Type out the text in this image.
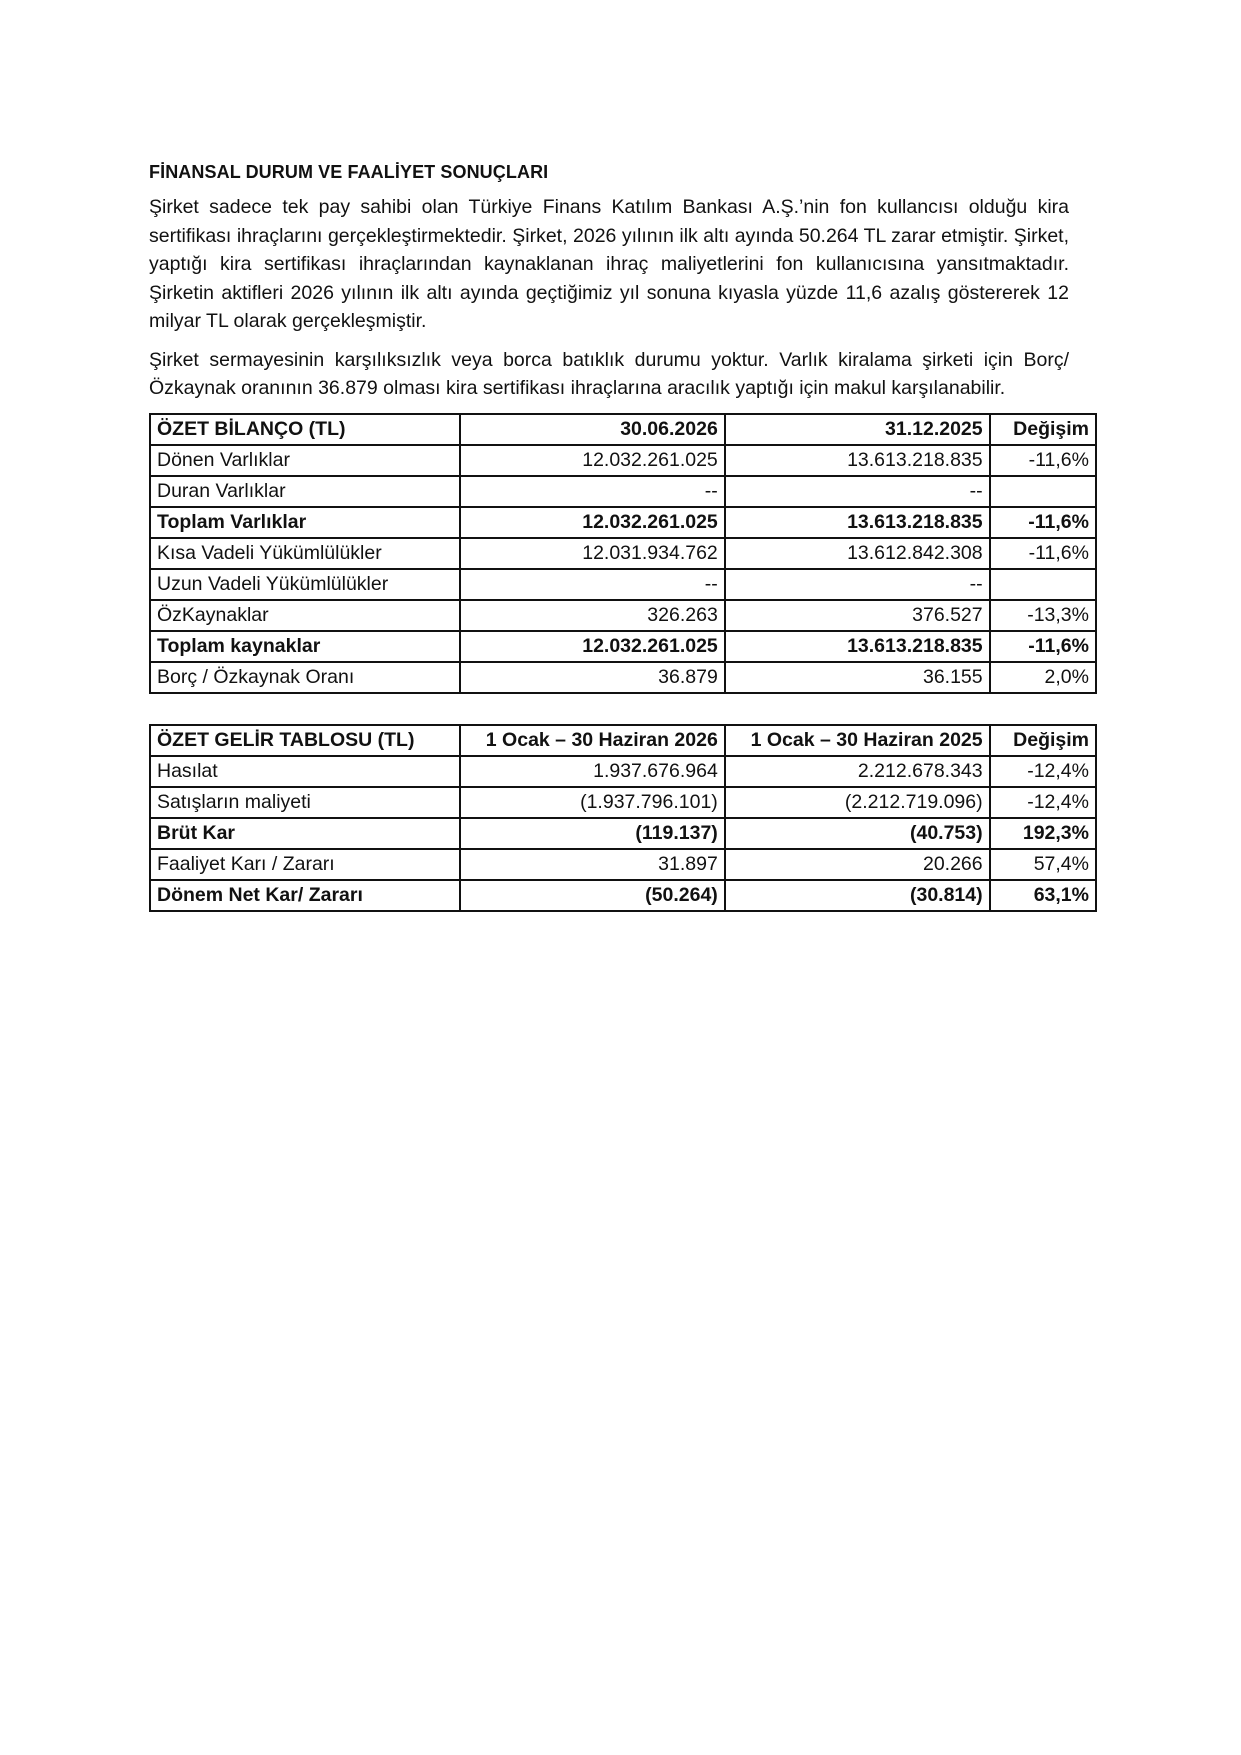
FİNANSAL DURUM VE FAALİYET SONUÇLARI

Şirket sadece tek pay sahibi olan Türkiye Finans Katılım Bankası A.Ş.’nin fon kullancısı olduğu kira sertifikası ihraçlarını gerçekleştirmektedir. Şirket, 2026 yılının ilk altı ayında 50.264 TL zarar etmiştir. Şirket, yaptığı kira sertifikası ihraçlarından kaynaklanan ihraç maliyetlerini fon kullanıcısına yansıtmaktadır. Şirketin aktifleri 2026 yılının ilk altı ayında geçtiğimiz yıl sonuna kıyasla yüzde 11,6 azalış göstererek 12 milyar TL olarak gerçekleşmiştir.

Şirket sermayesinin karşılıksızlık veya borca batıklık durumu yoktur. Varlık kiralama şirketi için Borç/Özkaynak oranının 36.879 olması kira sertifikası ihraçlarına aracılık yaptığı için makul karşılanabilir.

ÖZET BİLANÇO (TL)	30.06.2026	31.12.2025	Değişim
Dönen Varlıklar	12.032.261.025	13.613.218.835	-11,6%
Duran Varlıklar	--	--	
Toplam Varlıklar	12.032.261.025	13.613.218.835	-11,6%
Kısa Vadeli Yükümlülükler	12.031.934.762	13.612.842.308	-11,6%
Uzun Vadeli Yükümlülükler	--	--	
ÖzKaynaklar	326.263	376.527	-13,3%
Toplam kaynaklar	12.032.261.025	13.613.218.835	-11,6%
Borç / Özkaynak Oranı	36.879	36.155	2,0%
ÖZET GELİR TABLOSU (TL)	1 Ocak – 30 Haziran 2026	1 Ocak – 30 Haziran 2025	Değişim
Hasılat	1.937.676.964	2.212.678.343	-12,4%
Satışların maliyeti	(1.937.796.101)	(2.212.719.096)	-12,4%
Brüt Kar	(119.137)	(40.753)	192,3%
Faaliyet Karı / Zararı	31.897	20.266	57,4%
Dönem Net Kar/ Zararı	(50.264)	(30.814)	63,1%
